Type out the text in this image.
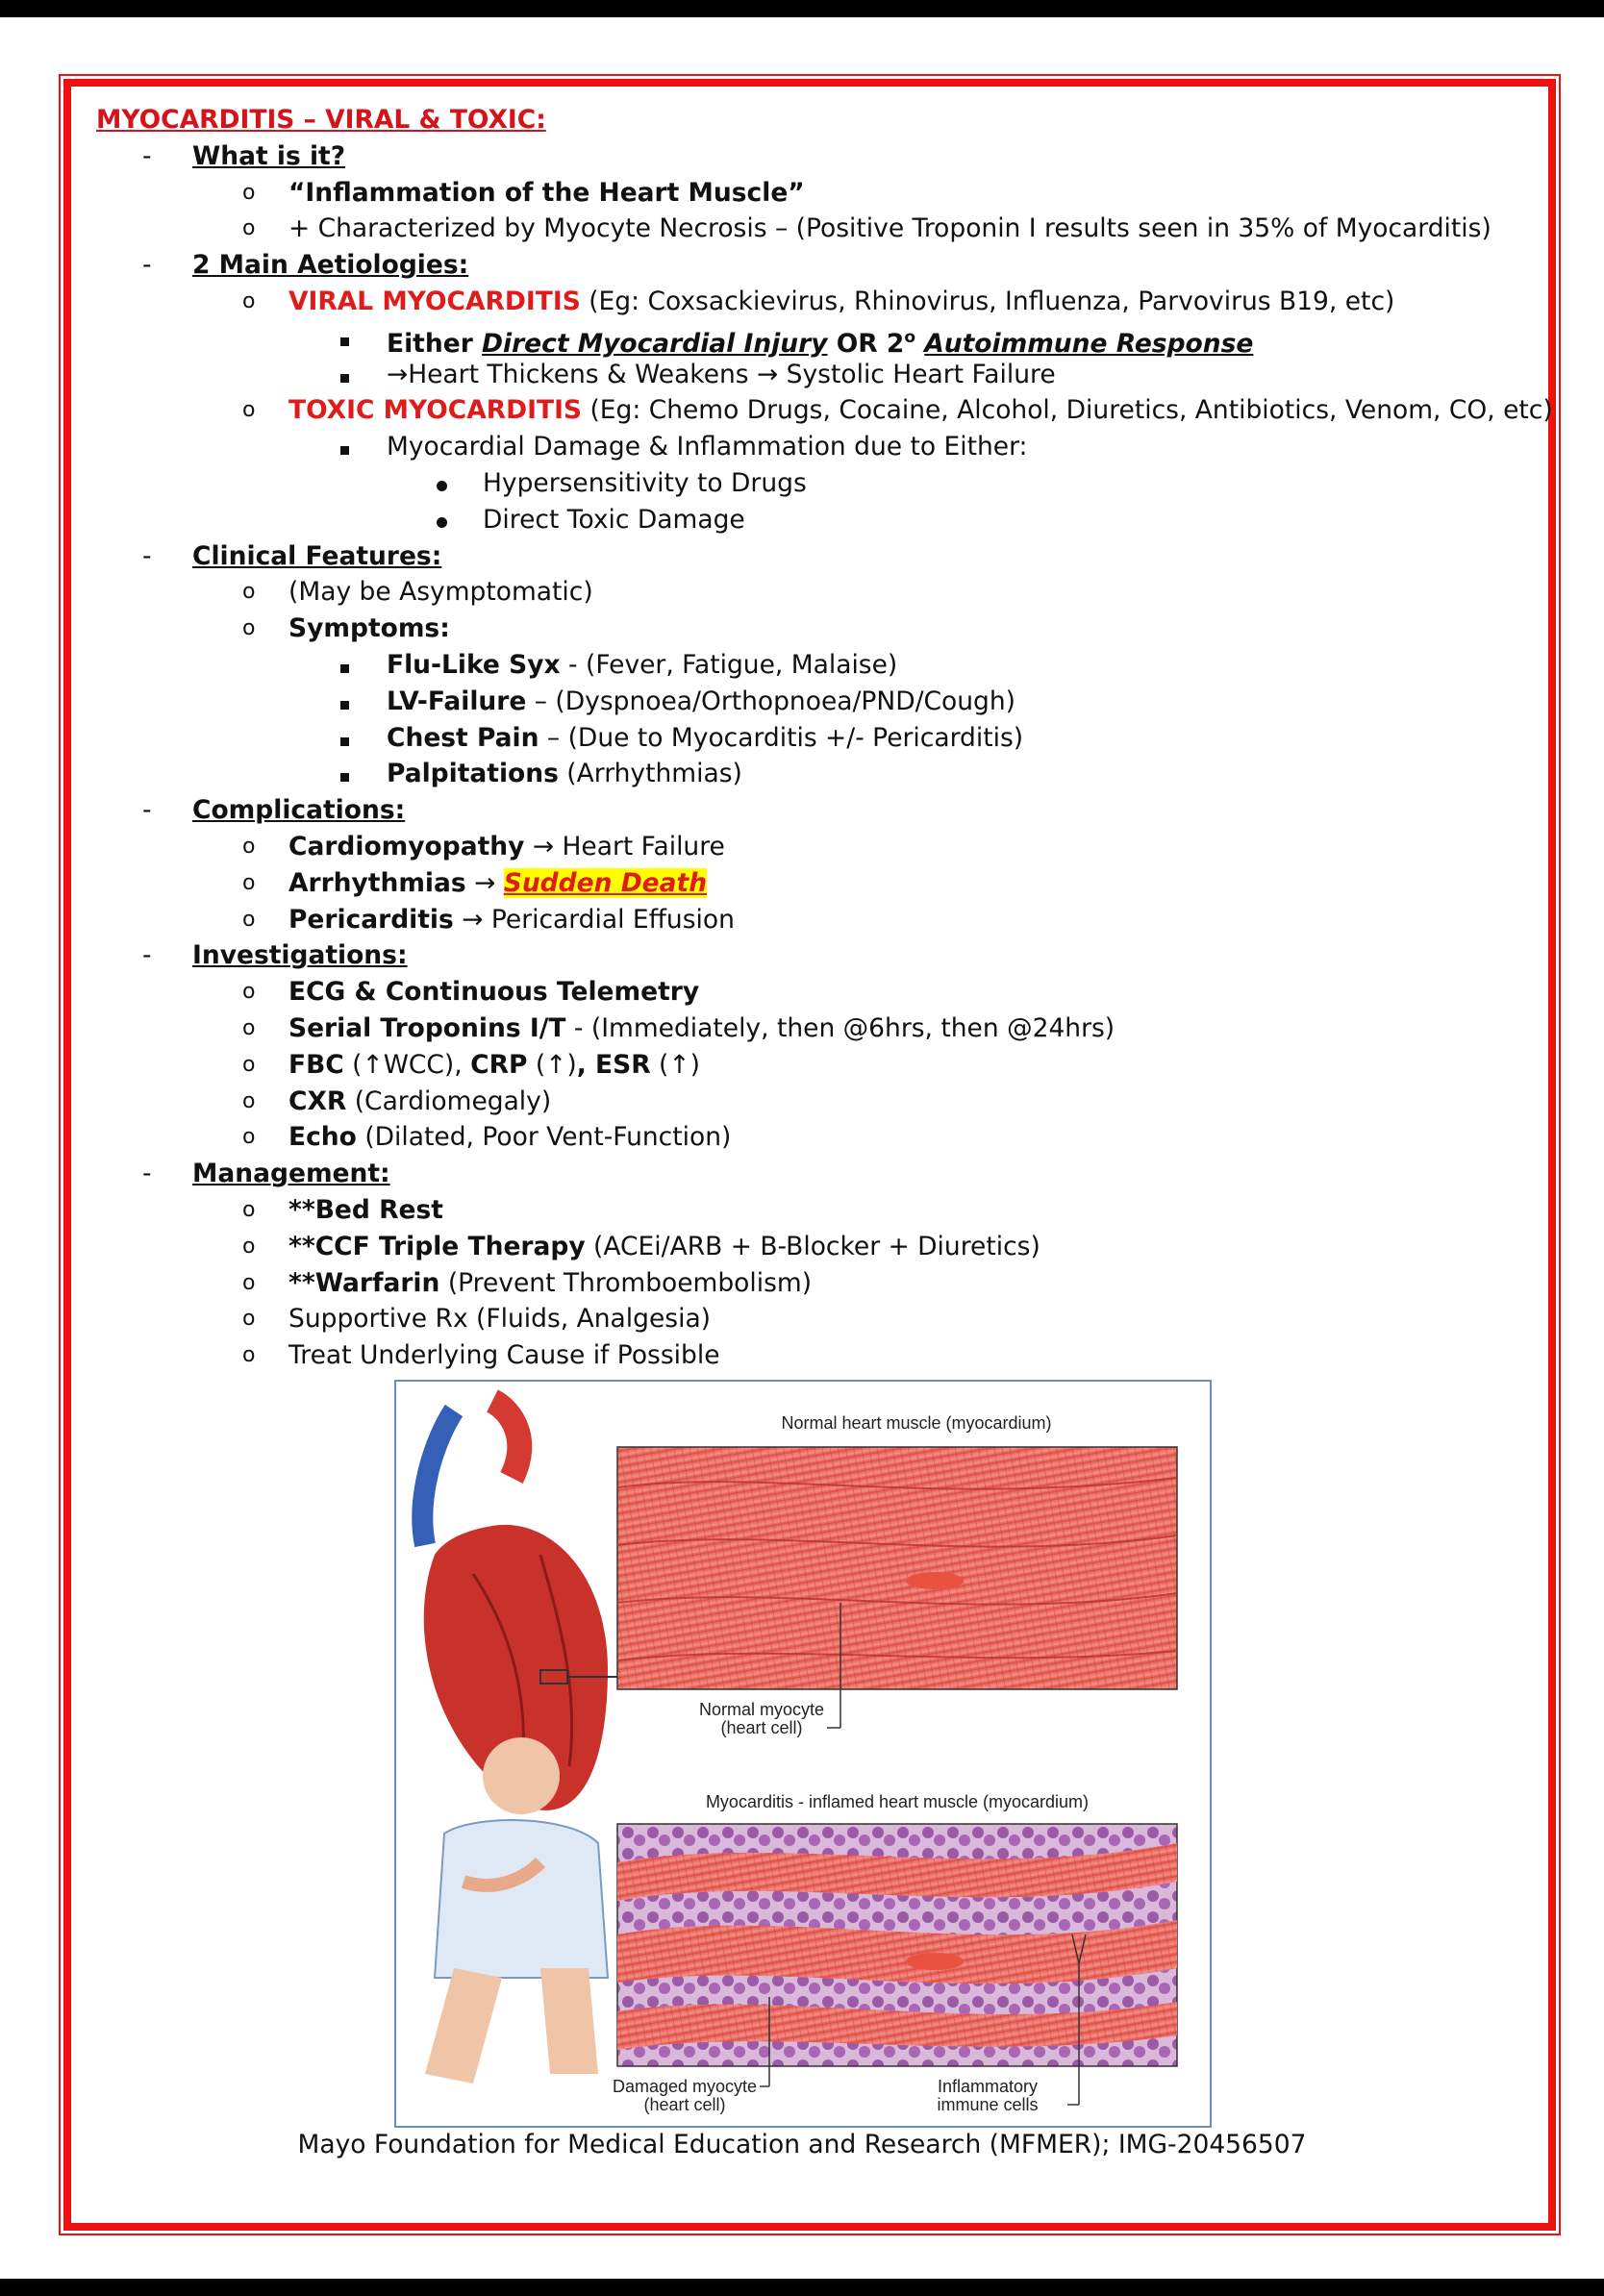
MYOCARDITIS – VIRAL & TOXIC:
- What is it?
o “Inflammation of the Heart Muscle”
o + Characterized by Myocyte Necrosis – (Positive Troponin I results seen in 35% of Myocarditis)
- 2 Main Aetiologies:
o VIRAL MYOCARDITIS (Eg: Coxsackievirus, Rhinovirus, Influenza, Parvovirus B19, etc)
Either Direct Myocardial Injury OR 2$^o$ Autoimmune Response
→Heart Thickens & Weakens → Systolic Heart Failure
o TOXIC MYOCARDITIS (Eg: Chemo Drugs, Cocaine, Alcohol, Diuretics, Antibiotics, Venom, CO, etc)
Myocardial Damage & Inflammation due to Either:
Hypersensitivity to Drugs
Direct Toxic Damage
- Clinical Features:
o (May be Asymptomatic)
o Symptoms:
Flu-Like Syx - (Fever, Fatigue, Malaise)
LV-Failure – (Dyspnoea/Orthopnoea/PND/Cough)
Chest Pain – (Due to Myocarditis +/- Pericarditis)
Palpitations (Arrhythmias)
- Complications:
o Cardiomyopathy → Heart Failure
o Arrhythmias → Sudden Death
o Pericarditis → Pericardial Effusion
- Investigations:
o ECG & Continuous Telemetry
o Serial Troponins I/T - (Immediately, then @6hrs, then @24hrs)
o FBC (↑WCC), CRP (↑), ESR (↑)
o CXR (Cardiomegaly)
o Echo (Dilated, Poor Vent-Function)
- Management:
o **Bed Rest
o **CCF Triple Therapy (ACEi/ARB + B-Blocker + Diuretics)
o **Warfarin (Prevent Thromboembolism)
o Supportive Rx (Fluids, Analgesia)
o Treat Underlying Cause if Possible
Normal heart muscle (myocardium)
Normal myocyte
(heart cell)
Myocarditis - inflamed heart muscle (myocardium)
Damaged myocyte
(heart cell)
Inflammatory
immune cells
Mayo Foundation for Medical Education and Research (MFMER); IMG-20456507
